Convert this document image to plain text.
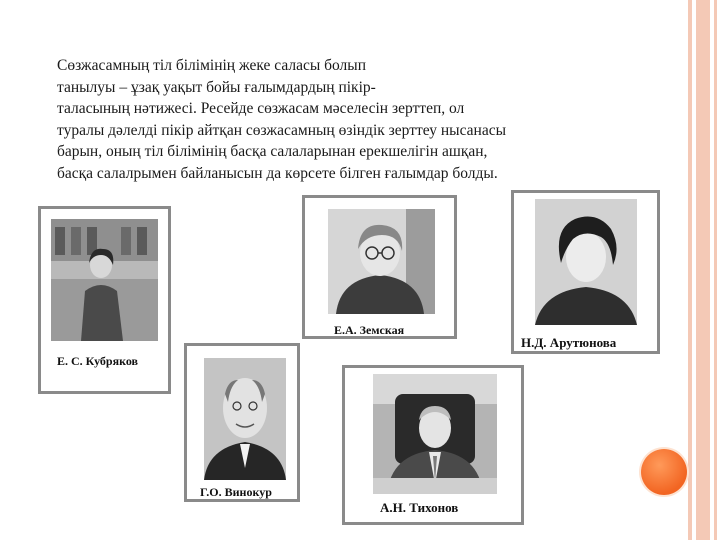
Сөзжасамның тіл білімінің жеке саласы болып
танылуы – ұзақ уақыт бойы ғалымдардың пікір-
таласының нәтижесі. Ресейде сөзжасам мәселесін зерттеп, ол
туралы дәлелді пікір айтқан сөзжасамның өзіндік зерттеу нысанасы
барын, оның тіл білімінің басқа салаларынан ерекшелігін ашқан,
басқа салалрымен байланысын да көрсете білген ғалымдар болды.
Е. С. Кубряков
Е.А. Земская
Н.Д. Арутюнова
Г.О. Винокур
А.Н. Тихонов
